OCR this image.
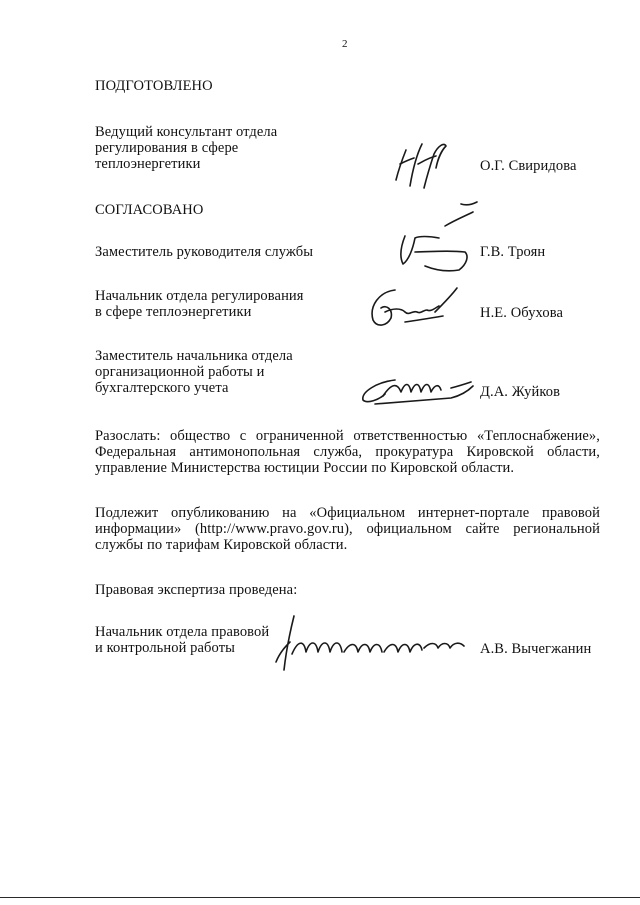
2
ПОДГОТОВЛЕНО
Ведущий консультант отдела
регулирования в сфере
теплоэнергетики	О.Г. Свиридова
СОГЛАСОВАНО
Заместитель руководителя службы	Г.В. Троян
Начальник отдела регулирования
в сфере теплоэнергетики	Н.Е. Обухова
Заместитель начальника отдела
организационной работы и
бухгалтерского учета	Д.А. Жуйков
Разослать: общество с ограниченной ответственностью «Теплоснабжение»,
Федеральная антимонопольная служба, прокуратура Кировской области,
управление Министерства юстиции России по Кировской области.
Подлежит опубликованию на «Официальном интернет-портале правовой
информации» (http://www.pravo.gov.ru), официальном сайте региональной
службы по тарифам Кировской области.
Правовая экспертиза проведена:
Начальник отдела правовой
и контрольной работы	А.В. Вычегжанин
